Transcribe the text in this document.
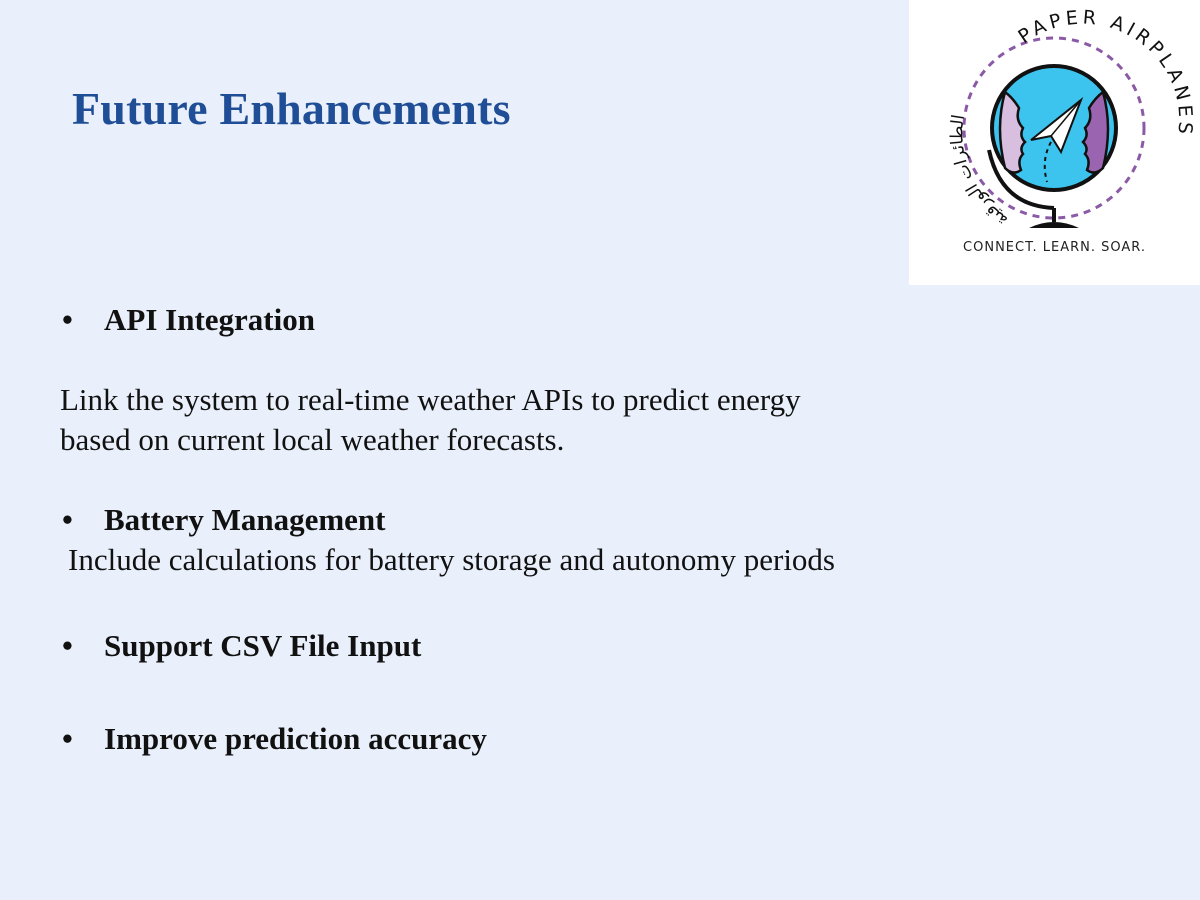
Future Enhancements
PAPER AIRPLANES
الطائرات الورقية
CONNECT. LEARN. SOAR.
•	API Integration

Link the system to real-time weather APIs to predict energy
based on current local weather forecasts.

•	Battery Management

Include calculations for battery storage and autonomy periods

•	Support CSV File Input
•	Improve prediction accuracy
